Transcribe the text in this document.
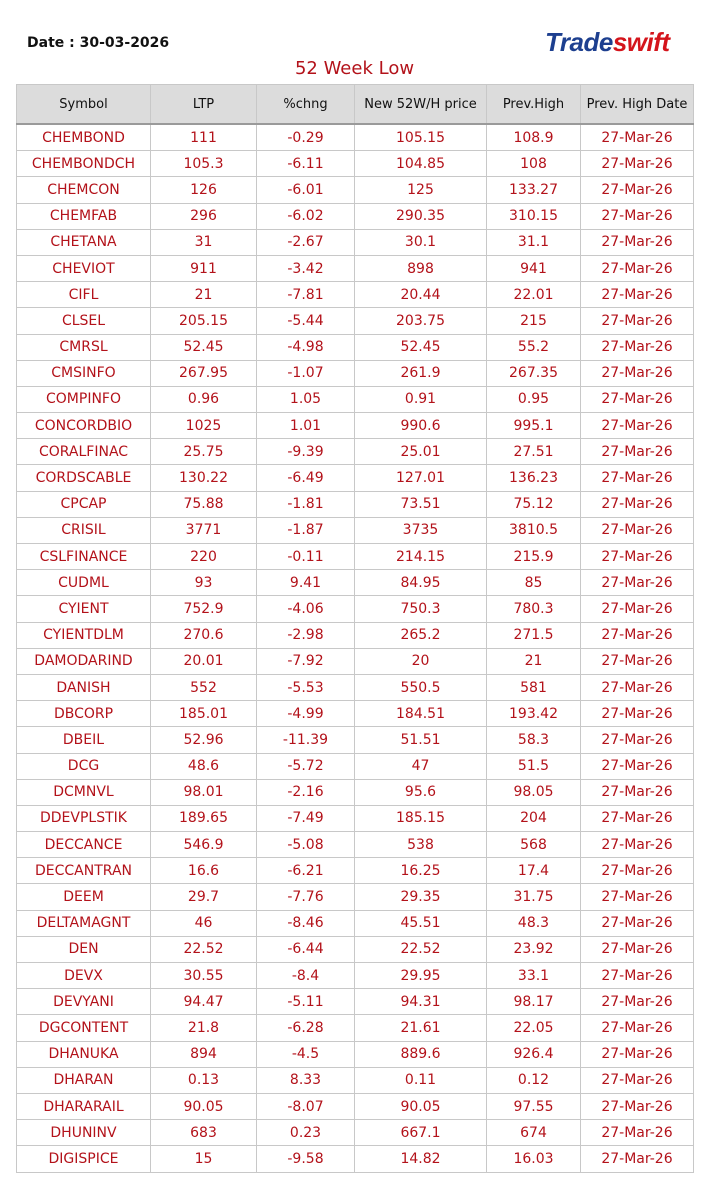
Date : 30-03-2026	Tradeswift
52 Week Low
Symbol	LTP	%chng	New 52W/H price	Prev.High	Prev. High Date
CHEMBOND	111	-0.29	105.15	108.9	27-Mar-26
CHEMBONDCH	105.3	-6.11	104.85	108	27-Mar-26
CHEMCON	126	-6.01	125	133.27	27-Mar-26
CHEMFAB	296	-6.02	290.35	310.15	27-Mar-26
CHETANA	31	-2.67	30.1	31.1	27-Mar-26
CHEVIOT	911	-3.42	898	941	27-Mar-26
CIFL	21	-7.81	20.44	22.01	27-Mar-26
CLSEL	205.15	-5.44	203.75	215	27-Mar-26
CMRSL	52.45	-4.98	52.45	55.2	27-Mar-26
CMSINFO	267.95	-1.07	261.9	267.35	27-Mar-26
COMPINFO	0.96	1.05	0.91	0.95	27-Mar-26
CONCORDBIO	1025	1.01	990.6	995.1	27-Mar-26
CORALFINAC	25.75	-9.39	25.01	27.51	27-Mar-26
CORDSCABLE	130.22	-6.49	127.01	136.23	27-Mar-26
CPCAP	75.88	-1.81	73.51	75.12	27-Mar-26
CRISIL	3771	-1.87	3735	3810.5	27-Mar-26
CSLFINANCE	220	-0.11	214.15	215.9	27-Mar-26
CUDML	93	9.41	84.95	85	27-Mar-26
CYIENT	752.9	-4.06	750.3	780.3	27-Mar-26
CYIENTDLM	270.6	-2.98	265.2	271.5	27-Mar-26
DAMODARIND	20.01	-7.92	20	21	27-Mar-26
DANISH	552	-5.53	550.5	581	27-Mar-26
DBCORP	185.01	-4.99	184.51	193.42	27-Mar-26
DBEIL	52.96	-11.39	51.51	58.3	27-Mar-26
DCG	48.6	-5.72	47	51.5	27-Mar-26
DCMNVL	98.01	-2.16	95.6	98.05	27-Mar-26
DDEVPLSTIK	189.65	-7.49	185.15	204	27-Mar-26
DECCANCE	546.9	-5.08	538	568	27-Mar-26
DECCANTRAN	16.6	-6.21	16.25	17.4	27-Mar-26
DEEM	29.7	-7.76	29.35	31.75	27-Mar-26
DELTAMAGNT	46	-8.46	45.51	48.3	27-Mar-26
DEN	22.52	-6.44	22.52	23.92	27-Mar-26
DEVX	30.55	-8.4	29.95	33.1	27-Mar-26
DEVYANI	94.47	-5.11	94.31	98.17	27-Mar-26
DGCONTENT	21.8	-6.28	21.61	22.05	27-Mar-26
DHANUKA	894	-4.5	889.6	926.4	27-Mar-26
DHARAN	0.13	8.33	0.11	0.12	27-Mar-26
DHARARAIL	90.05	-8.07	90.05	97.55	27-Mar-26
DHUNINV	683	0.23	667.1	674	27-Mar-26
DIGISPICE	15	-9.58	14.82	16.03	27-Mar-26
